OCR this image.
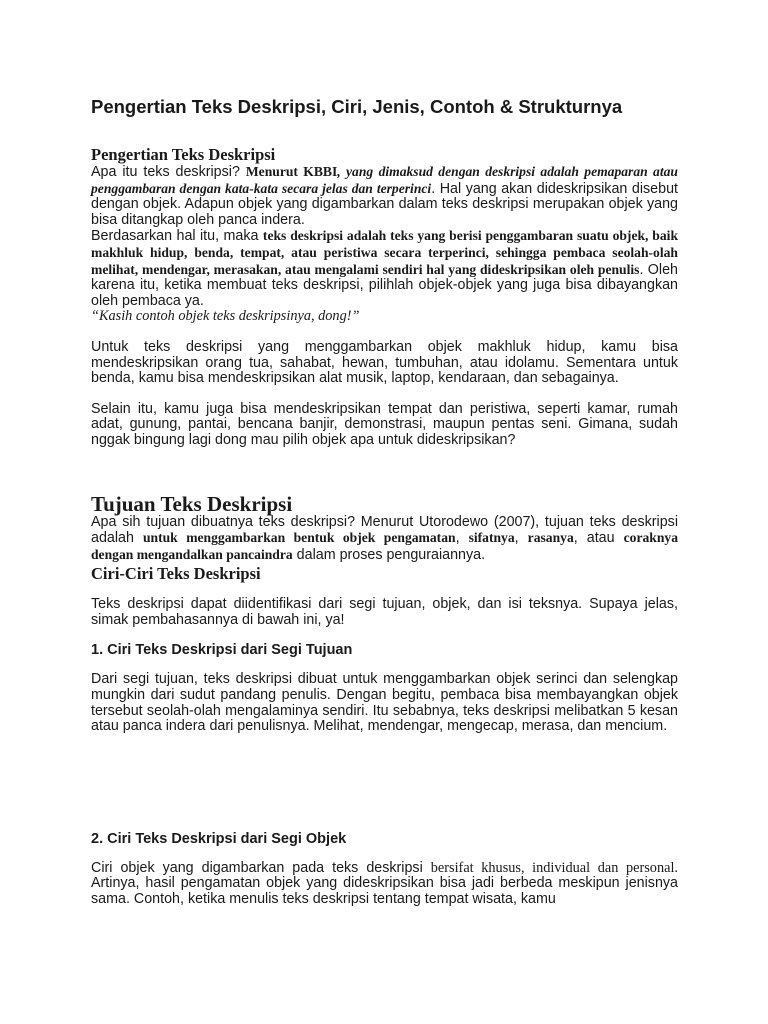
Pengertian Teks Deskripsi, Ciri, Jenis, Contoh & Strukturnya
Pengertian Teks Deskripsi

Apa itu teks deskripsi? Menurut KBBI, yang dimaksud dengan deskripsi adalah pemaparan atau penggambaran dengan kata-kata secara jelas dan terperinci. Hal yang akan dideskripsikan disebut dengan objek. Adapun objek yang digambarkan dalam teks deskripsi merupakan objek yang bisa ditangkap oleh panca indera.

Berdasarkan hal itu, maka teks deskripsi adalah teks yang berisi penggambaran suatu objek, baik makhluk hidup, benda, tempat, atau peristiwa secara terperinci, sehingga pembaca seolah-olah melihat, mendengar, merasakan, atau mengalami sendiri hal yang dideskripsikan oleh penulis. Oleh karena itu, ketika membuat teks deskripsi, pilihlah objek-objek yang juga bisa dibayangkan oleh pembaca ya.

“Kasih contoh objek teks deskripsinya, dong!”

Untuk teks deskripsi yang menggambarkan objek makhluk hidup, kamu bisa mendeskripsikan orang tua, sahabat, hewan, tumbuhan, atau idolamu. Sementara untuk benda, kamu bisa mendeskripsikan alat musik, laptop, kendaraan, dan sebagainya.

Selain itu, kamu juga bisa mendeskripsikan tempat dan peristiwa, seperti kamar, rumah adat, gunung, pantai, bencana banjir, demonstrasi, maupun pentas seni. Gimana, sudah nggak bingung lagi dong mau pilih objek apa untuk dideskripsikan?

Tujuan Teks Deskripsi

Apa sih tujuan dibuatnya teks deskripsi? Menurut Utorodewo (2007), tujuan teks deskripsi adalah untuk menggambarkan bentuk objek pengamatan, sifatnya, rasanya, atau coraknya dengan mengandalkan pancaindra dalam proses penguraiannya.

Ciri-Ciri Teks Deskripsi

Teks deskripsi dapat diidentifikasi dari segi tujuan, objek, dan isi teksnya. Supaya jelas, simak pembahasannya di bawah ini, ya!

1. Ciri Teks Deskripsi dari Segi Tujuan

Dari segi tujuan, teks deskripsi dibuat untuk menggambarkan objek serinci dan selengkap mungkin dari sudut pandang penulis. Dengan begitu, pembaca bisa membayangkan objek tersebut seolah-olah mengalaminya sendiri. Itu sebabnya, teks deskripsi melibatkan 5 kesan atau panca indera dari penulisnya. Melihat, mendengar, mengecap, merasa, dan mencium.

2. Ciri Teks Deskripsi dari Segi Objek

Ciri objek yang digambarkan pada teks deskripsi bersifat khusus, individual dan personal. Artinya, hasil pengamatan objek yang dideskripsikan bisa jadi berbeda meskipun jenisnya sama. Contoh, ketika menulis teks deskripsi tentang tempat wisata, kamu
